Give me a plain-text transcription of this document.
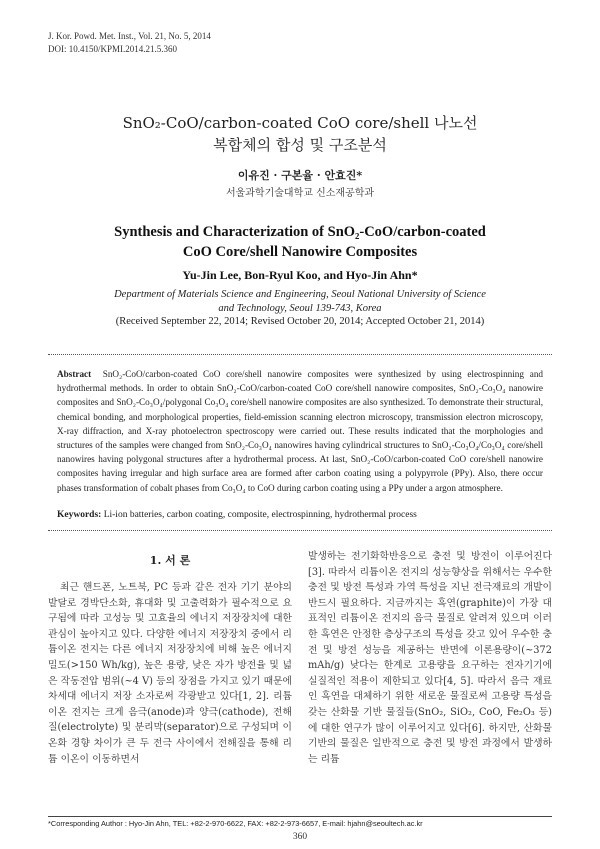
J. Kor. Powd. Met. Inst., Vol. 21, No. 5, 2014
DOI: 10.4150/KPMI.2014.21.5.360
SnO₂-CoO/carbon-coated CoO core/shell 나노선
복합체의 합성 및 구조분석
이유진 · 구본율 · 안효진*
서울과학기술대학교 신소재공학과
Synthesis and Characterization of SnO₂-CoO/carbon-coated
CoO Core/shell Nanowire Composites
Yu-Jin Lee, Bon-Ryul Koo, and Hyo-Jin Ahn*
Department of Materials Science and Engineering, Seoul National University of Science
and Technology, Seoul 139-743, Korea
(Received September 22, 2014; Revised October 20, 2014; Accepted October 21, 2014)
Abstract SnO₂-CoO/carbon-coated CoO core/shell nanowire composites were synthesized by using electrospinning and hydrothermal methods. In order to obtain SnO₂-CoO/carbon-coated CoO core/shell nanowire composites, SnO₂-Co₃O₄ nanowire composites and SnO₂-Co₃O₄/polygonal Co₃O₄ core/shell nanowire composites are also synthesized. To demonstrate their structural, chemical bonding, and morphological properties, field-emission scanning electron microscopy, transmission electron microscopy, X-ray diffraction, and X-ray photoelectron spectroscopy were carried out. These results indicated that the morphologies and structures of the samples were changed from SnO₂-Co₃O₄ nanowires having cylindrical structures to SnO₂-Co₃O₄/Co₃O₄ core/shell nanowires having polygonal structures after a hydrothermal process. At last, SnO₂-CoO/carbon-coated CoO core/shell nanowire composites having irregular and high surface area are formed after carbon coating using a polypyrrole (PPy). Also, there occur phases transformation of cobalt phases from Co₃O₄ to CoO during carbon coating using a PPy under a argon atmosphere.
Keywords: Li-ion batteries, carbon coating, composite, electrospinning, hydrothermal process
1. 서 론
최근 핸드폰, 노트북, PC 등과 같은 전자 기기 분야의 발달로 경박단소화, 휴대화 및 고출력화가 필수적으로 요구됨에 따라 고성능 및 고효율의 에너지 저장장치에 대한 관심이 높아지고 있다. 다양한 에너지 저장장치 중에서 리튬이온 전지는 다른 에너지 저장장치에 비해 높은 에너지 밀도(>150 Wh/kg), 높은 용량, 낮은 자가 방전율 및 넓은 작동전압 범위(~4 V) 등의 장점을 가지고 있기 때문에 차세대 에너지 저장 소자로써 각광받고 있다[1, 2]. 리튬이온 전지는 크게 음극(anode)과 양극(cathode), 전해질(electrolyte) 및 분리막(separator)으로 구성되며 이온화 경향 차이가 큰 두 전극 사이에서 전해질을 통해 리튬 이온이 이동하면서
발생하는 전기화학반응으로 충전 및 방전이 이루어진다[3]. 따라서 리튬이온 전지의 성능향상을 위해서는 우수한 충전 및 방전 특성과 가역 특성을 지닌 전극재료의 개발이 반드시 필요하다. 지금까지는 흑연(graphite)이 가장 대표적인 리튬이온 전지의 음극 물질로 알려져 있으며 이러한 흑연은 안정한 층상구조의 특성을 갖고 있어 우수한 충전 및 방전 성능을 제공하는 반면에 이론용량이(~372 mAh/g) 낮다는 한계로 고용량을 요구하는 전자기기에 실질적인 적용이 제한되고 있다[4, 5]. 따라서 음극 재료인 흑연을 대체하기 위한 새로운 물질로써 고용량 특성을 갖는 산화물 기반 물질들(SnO₂, SiO₂, CoO, Fe₂O₃ 등)에 대한 연구가 많이 이루어지고 있다[6]. 하지만, 산화물 기반의 물질은 일반적으로 충전 및 방전 과정에서 발생하는 리튬
*Corresponding Author : Hyo-Jin Ahn, TEL: +82-2-970-6622, FAX: +82-2-973-6657, E-mail: hjahn@seoultech.ac.kr
360
